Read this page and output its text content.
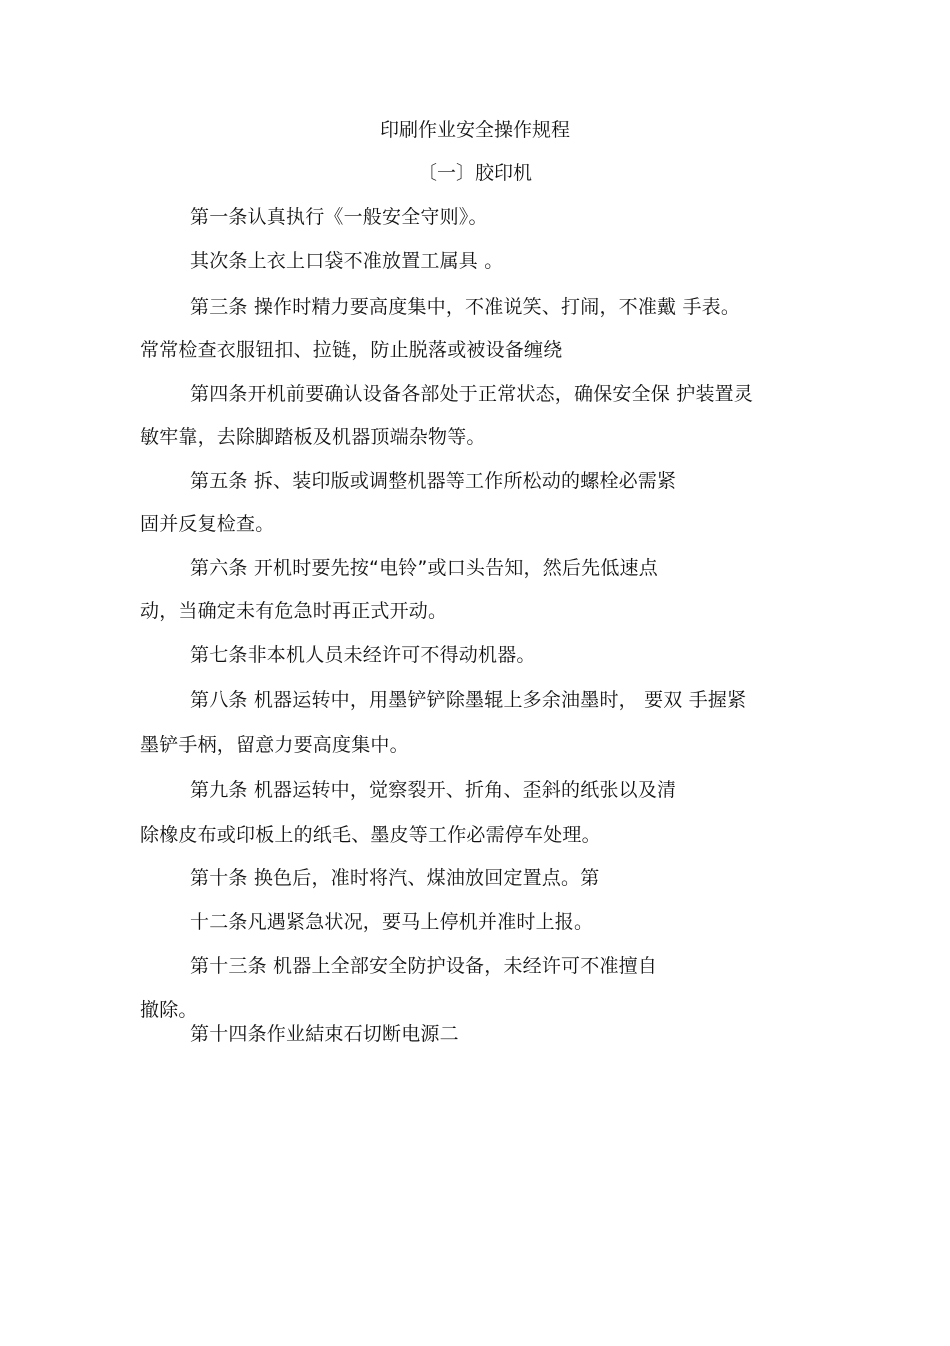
印刷作业安全操作规程
〔一〕胶印机
第一条认真执行《一般安全守则》。
其次条上衣上口袋不准放置工属具 。
第三条 操作时精力要高度集中，不准说笑、打闹，不准戴 手表。
常常检查衣服钮扣、拉链，防止脱落或被设备缠绕
第四条开机前要确认设备各部处于正常状态，确保安全保 护装置灵
敏牢靠，去除脚踏板及机器顶端杂物等。
第五条 拆、装印版或调整机器等工作所松动的螺栓必需紧
固并反复检查。
第六条 开机时要先按“电铃”或口头告知，然后先低速点
动，当确定未有危急时再正式开动。
第七条非本机人员未经许可不得动机器。
第八条 机器运转中，用墨铲铲除墨辊上多余油墨时， 要双 手握紧
墨铲手柄，留意力要高度集中。
第九条 机器运转中，觉察裂开、折角、歪斜的纸张以及清
除橡皮布或印板上的纸毛、墨皮等工作必需停车处理。
第十条 换色后，准时将汽、煤油放回定置点。第
十二条凡遇紧急状况，要马上停机并准时上报。
第十三条 机器上全部安全防护设备，未经许可不准擅自
撤除。
第十四条作业結束石切断电源二
